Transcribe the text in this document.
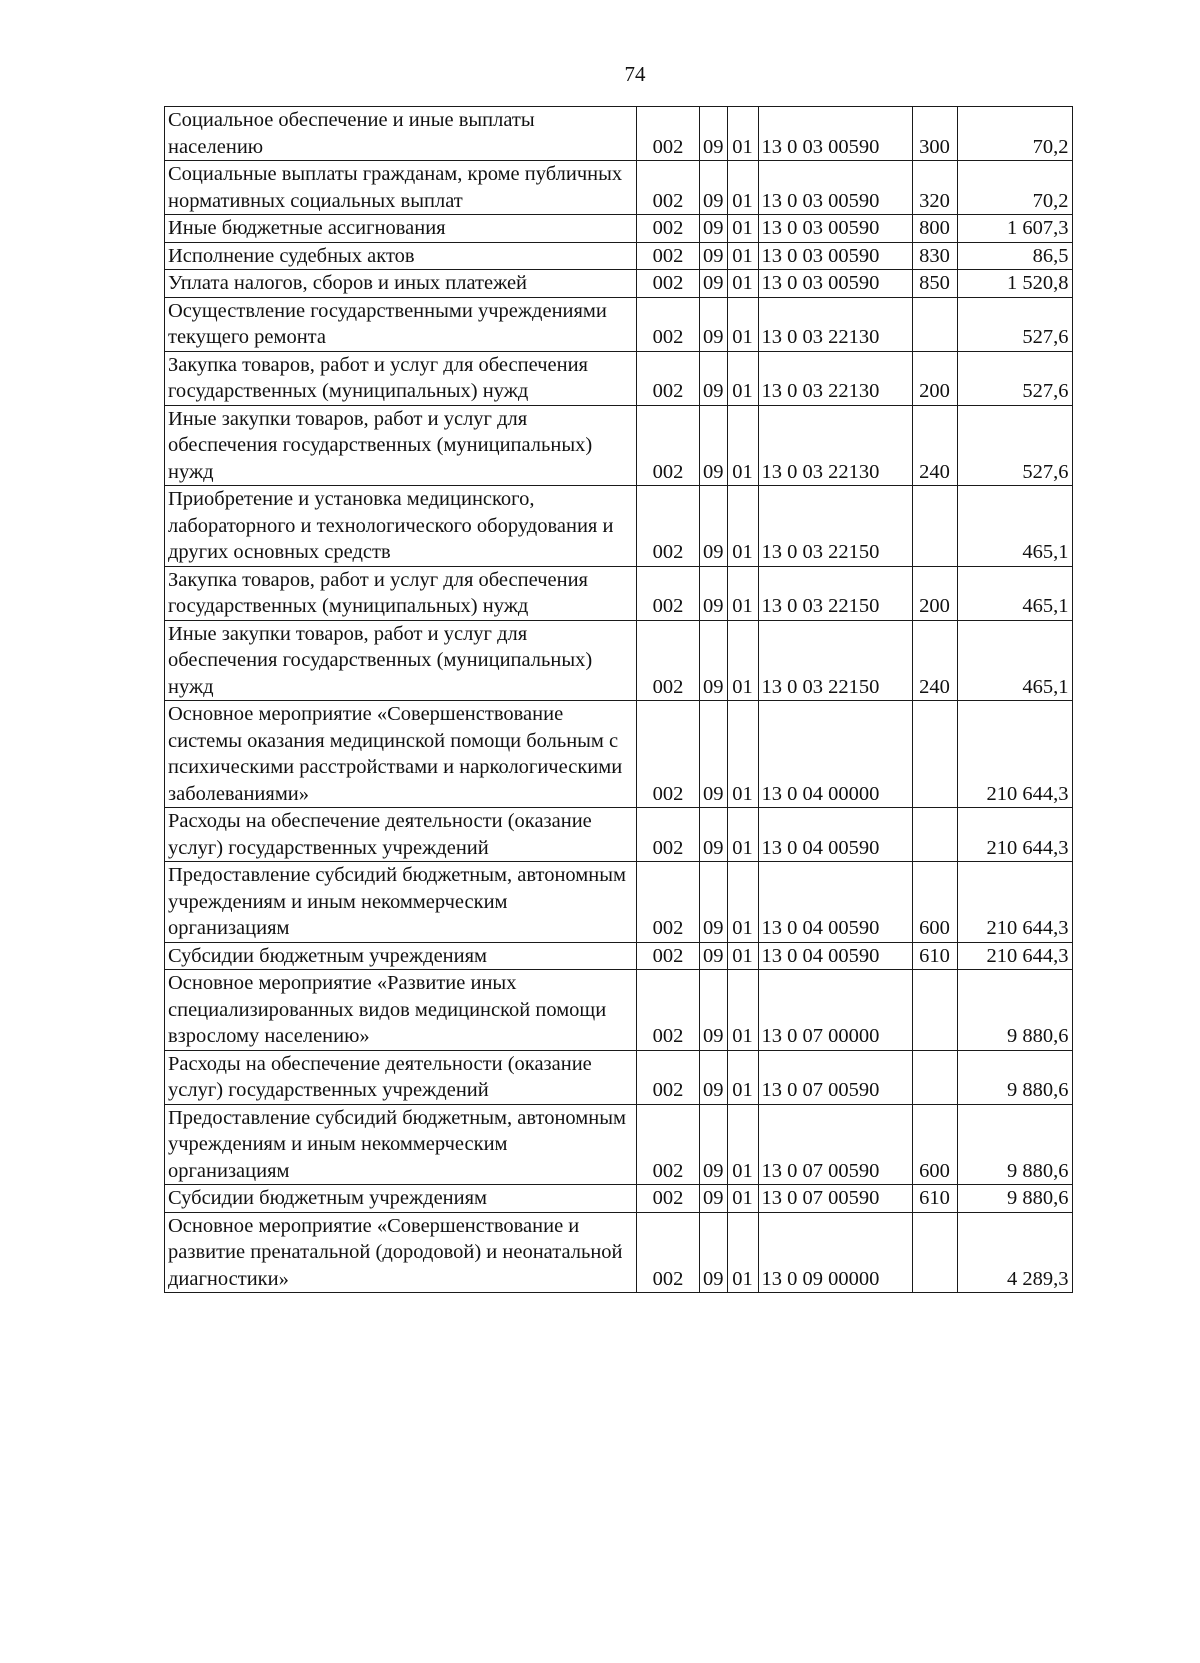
74
Социальное обеспечение и иные выплаты населению	002	09	01	13 0 03 00590	300	70,2
Социальные выплаты гражданам, кроме публичных нормативных социальных выплат	002	09	01	13 0 03 00590	320	70,2
Иные бюджетные ассигнования	002	09	01	13 0 03 00590	800	1 607,3
Исполнение судебных актов	002	09	01	13 0 03 00590	830	86,5
Уплата налогов, сборов и иных платежей	002	09	01	13 0 03 00590	850	1 520,8
Осуществление государственными учреждениями текущего ремонта	002	09	01	13 0 03 22130		527,6
Закупка товаров, работ и услуг для обеспечения государственных (муниципальных) нужд	002	09	01	13 0 03 22130	200	527,6
Иные закупки товаров, работ и услуг для обеспечения государственных (муниципальных) нужд	002	09	01	13 0 03 22130	240	527,6
Приобретение и установка медицинского, лабораторного и технологического оборудования и других основных средств	002	09	01	13 0 03 22150		465,1
Закупка товаров, работ и услуг для обеспечения государственных (муниципальных) нужд	002	09	01	13 0 03 22150	200	465,1
Иные закупки товаров, работ и услуг для обеспечения государственных (муниципальных) нужд	002	09	01	13 0 03 22150	240	465,1
Основное мероприятие «Совершенствование системы оказания медицинской помощи больным с психическими расстройствами и наркологическими заболеваниями»	002	09	01	13 0 04 00000		210 644,3
Расходы на обеспечение деятельности (оказание услуг) государственных учреждений	002	09	01	13 0 04 00590		210 644,3
Предоставление субсидий бюджетным, автономным учреждениям и иным некоммерческим организациям	002	09	01	13 0 04 00590	600	210 644,3
Субсидии бюджетным учреждениям	002	09	01	13 0 04 00590	610	210 644,3
Основное мероприятие «Развитие иных специализированных видов медицинской помощи взрослому населению»	002	09	01	13 0 07 00000		9 880,6
Расходы на обеспечение деятельности (оказание услуг) государственных учреждений	002	09	01	13 0 07 00590		9 880,6
Предоставление субсидий бюджетным, автономным учреждениям и иным некоммерческим организациям	002	09	01	13 0 07 00590	600	9 880,6
Субсидии бюджетным учреждениям	002	09	01	13 0 07 00590	610	9 880,6
Основное мероприятие «Совершенствование и развитие пренатальной (дородовой) и неонатальной диагностики»	002	09	01	13 0 09 00000		4 289,3
